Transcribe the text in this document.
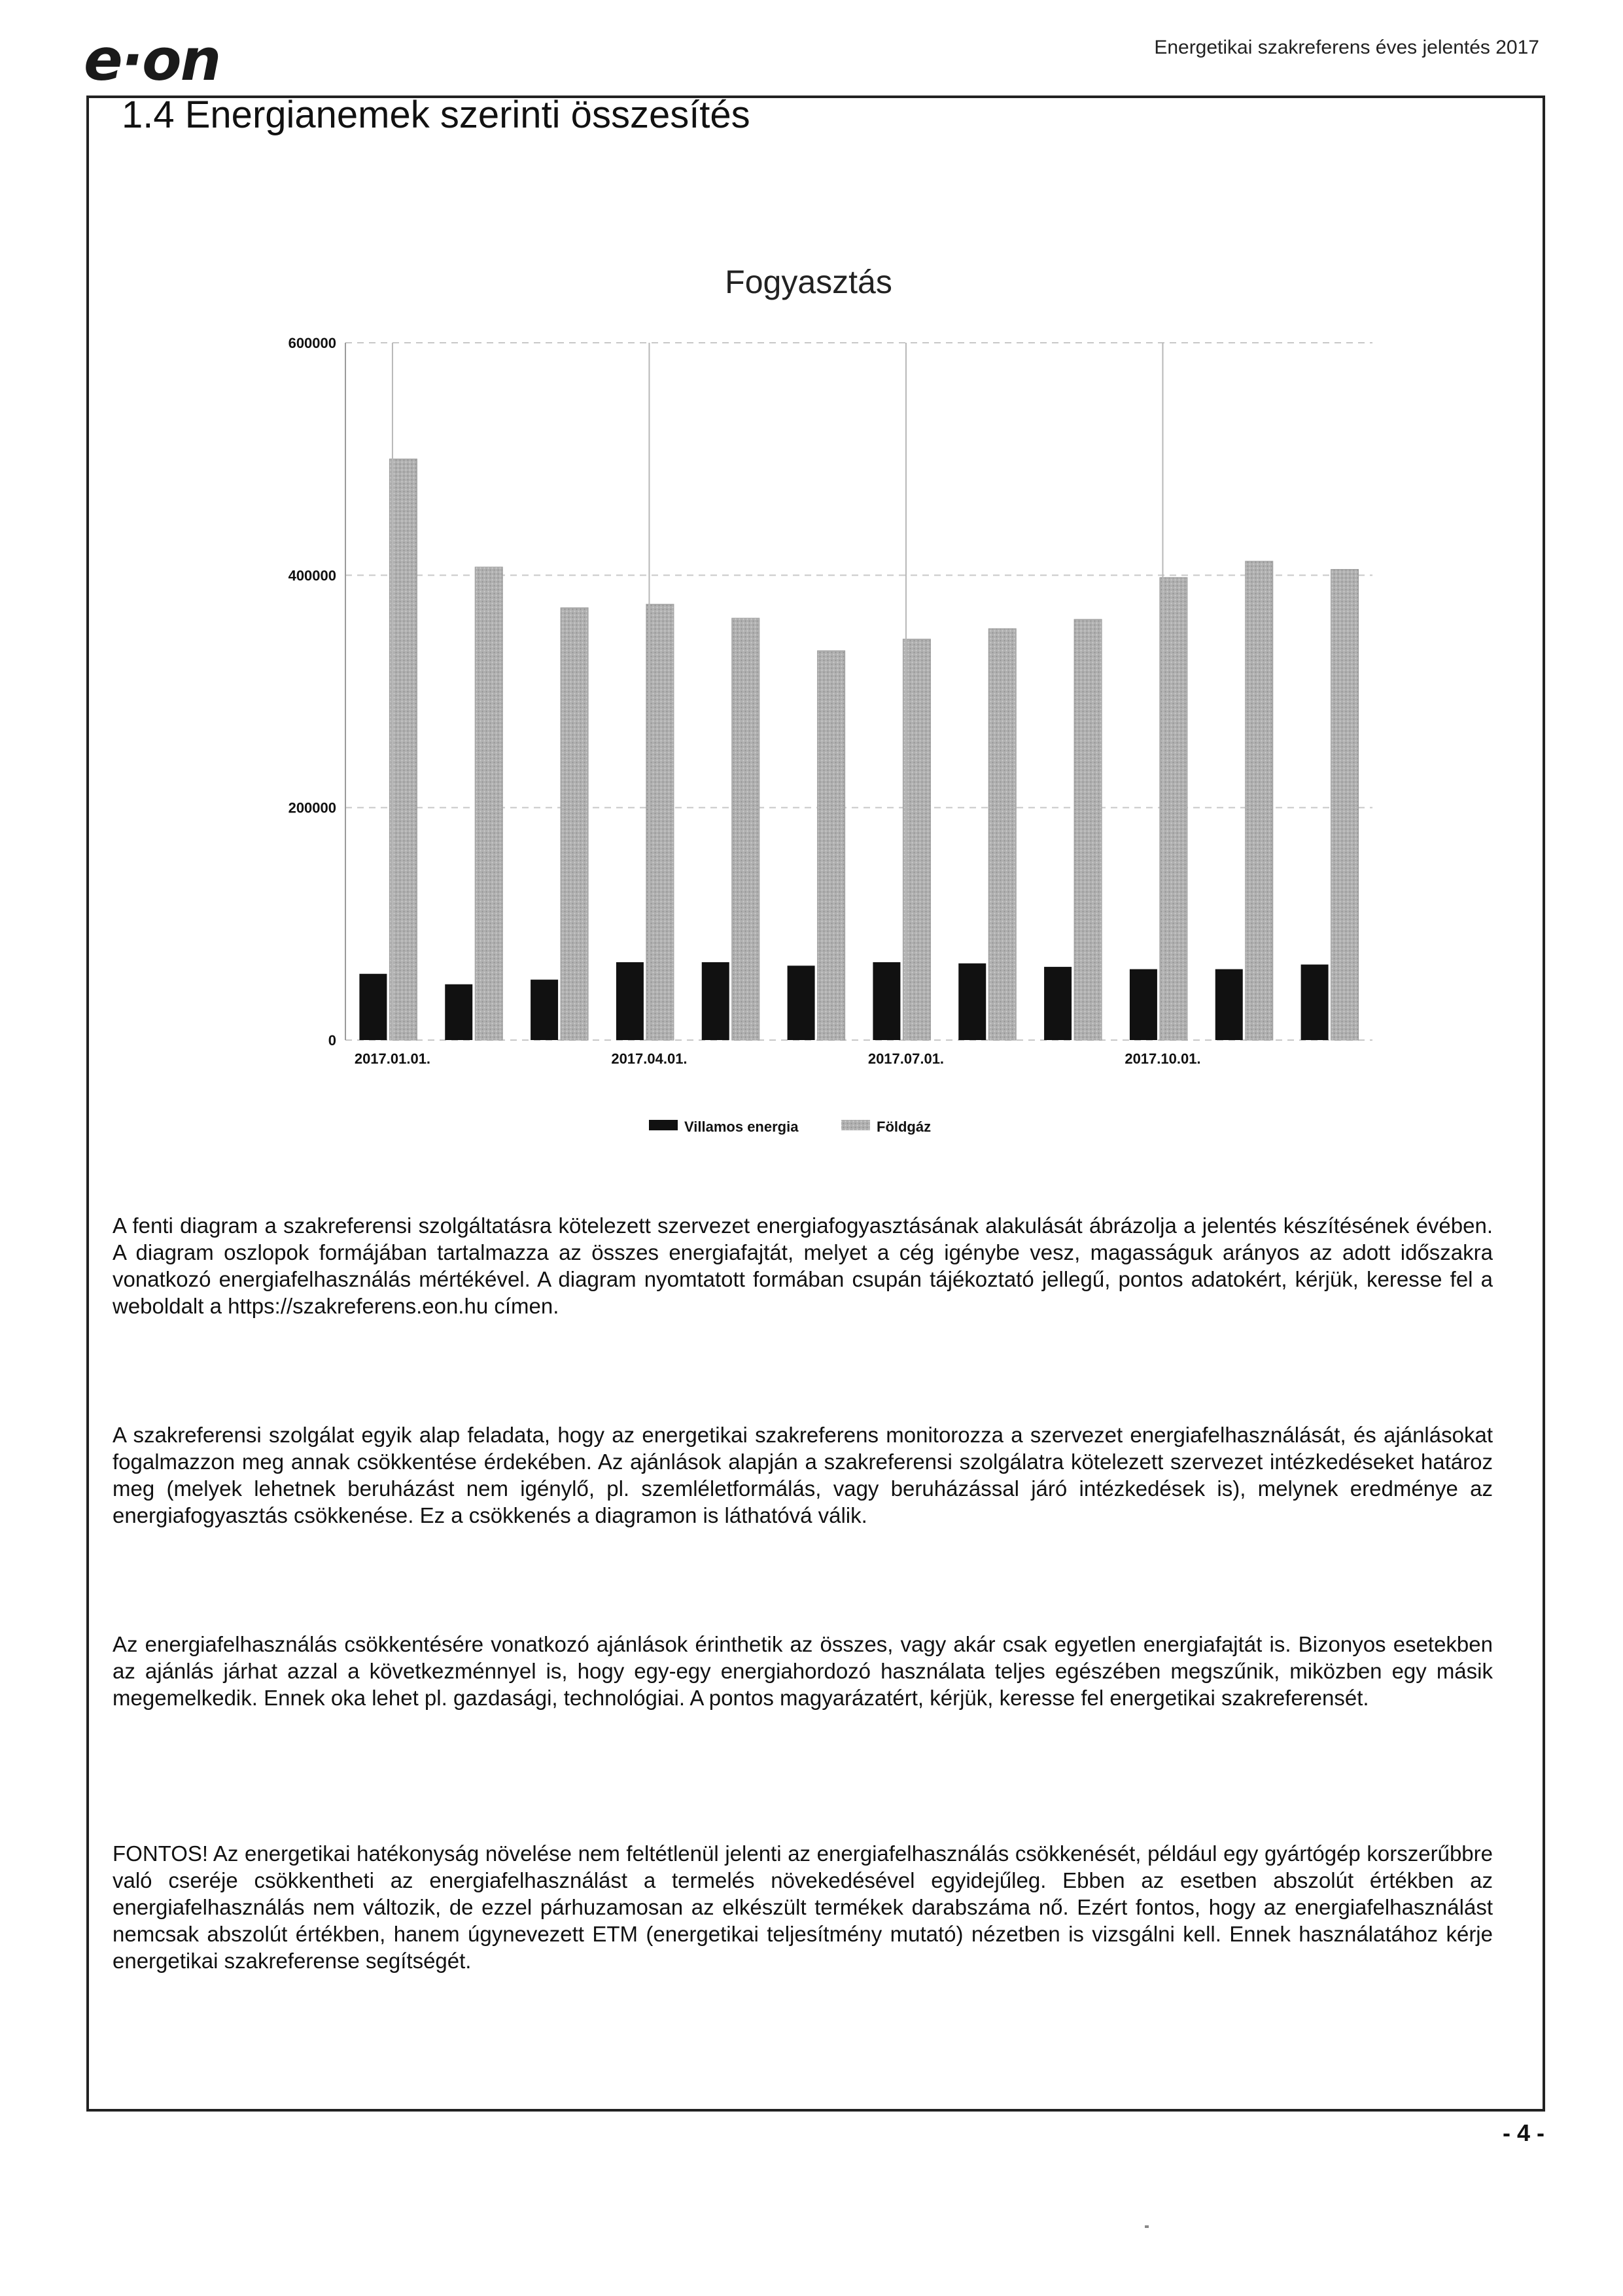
e·on	Energetikai szakreferens éves jelentés 2017
1.4 Energianemek szerinti összesítés
Fogyasztás
0
200000
400000
600000
2017.01.01.	2017.04.01.	2017.07.01.	2017.10.01.
Villamos energia	Földgáz

A fenti diagram a szakreferensi szolgáltatásra kötelezett szervezet energiafogyasztásának alakulását ábrázolja a jelentés készítésének évében. A diagram oszlopok formájában tartalmazza az összes energiafajtát, melyet a cég igénybe vesz, magasságuk arányos az adott időszakra vonatkozó energiafelhasználás mértékével. A diagram nyomtatott formában csupán tájékoztató jellegű, pontos adatokért, kérjük, keresse fel a weboldalt a https://szakreferens.eon.hu címen.

A szakreferensi szolgálat egyik alap feladata, hogy az energetikai szakreferens monitorozza a szervezet energiafelhasználását, és ajánlásokat fogalmazzon meg annak csökkentése érdekében. Az ajánlások alapján a szakreferensi szolgálatra kötelezett szervezet intézkedéseket határoz meg (melyek lehetnek beruházást nem igénylő, pl. szemléletformálás, vagy beruházással járó intézkedések is), melynek eredménye az energiafogyasztás csökkenése. Ez a csökkenés a diagramon is láthatóvá válik.

Az energiafelhasználás csökkentésére vonatkozó ajánlások érinthetik az összes, vagy akár csak egyetlen energiafajtát is. Bizonyos esetekben az ajánlás járhat azzal a következménnyel is, hogy egy-egy energiahordozó használata teljes egészében megszűnik, miközben egy másik megemelkedik. Ennek oka lehet pl. gazdasági, technológiai. A pontos magyarázatért, kérjük, keresse fel energetikai szakreferensét.

FONTOS! Az energetikai hatékonyság növelése nem feltétlenül jelenti az energiafelhasználás csökkenését, például egy gyártógép korszerűbbre való cseréje csökkentheti az energiafelhasználást a termelés növekedésével egyidejűleg. Ebben az esetben abszolút értékben az energiafelhasználás nem változik, de ezzel párhuzamosan az elkészült termékek darabszáma nő. Ezért fontos, hogy az energiafelhasználást nemcsak abszolút értékben, hanem úgynevezett ETM (energetikai teljesítmény mutató) nézetben is vizsgálni kell. Ennek használatához kérje energetikai szakreferense segítségét.

- 4 -
